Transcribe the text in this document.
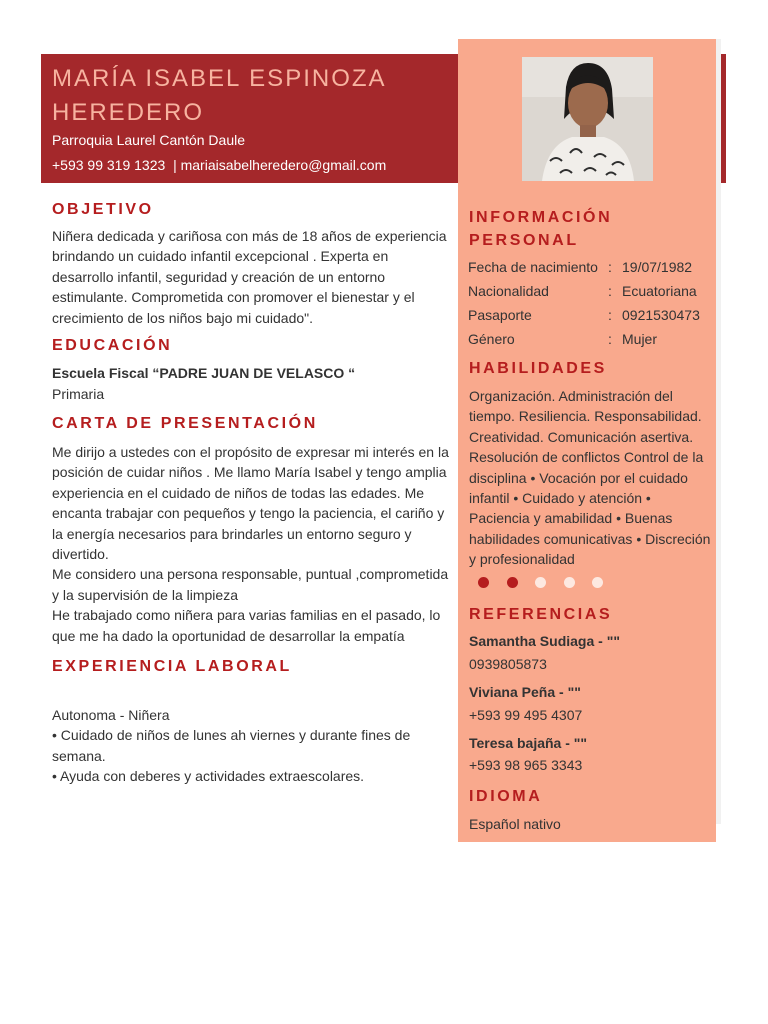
MARÍA ISABEL ESPINOZA HEREDERO
Parroquia Laurel Cantón Daule
+593 99 319 1323 | mariaisabelheredero@gmail.com
OBJETIVO

Niñera dedicada y cariñosa con más de 18 años de experiencia brindando un cuidado infantil excepcional . Experta en desarrollo infantil, seguridad y creación de un entorno estimulante. Comprometida con promover el bienestar y el crecimiento de los niños bajo mi cuidado".

EDUCACIÓN

Escuela Fiscal “PADRE JUAN DE VELASCO “

Primaria

CARTA DE PRESENTACIÓN

Me dirijo a ustedes con el propósito de expresar mi interés en la posición de cuidar niños . Me llamo María Isabel y tengo amplia experiencia en el cuidado de niños de todas las edades. Me encanta trabajar con pequeños y tengo la paciencia, el cariño y la energía necesarios para brindarles un entorno seguro y divertido.

Me considero una persona responsable, puntual ,comprometida y la supervisión de la limpieza

He trabajado como niñera para varias familias en el pasado, lo que me ha dado la oportunidad de desarrollar la empatía

EXPERIENCIA LABORAL

Autonoma - Niñera

• Cuidado de niños de lunes ah viernes y durante fines de semana.

• Ayuda con deberes y actividades extraescolares.

INFORMACIÓN PERSONAL
Fecha de nacimiento : 19/07/1982
Nacionalidad	: Ecuatoriana
Pasaporte	: 0921530473
Género	: Mujer
HABILIDADES

Organización. Administración del tiempo. Resiliencia. Responsabilidad. Creatividad. Comunicación asertiva. Resolución de conflictos Control de la disciplina • Vocación por el cuidado infantil • Cuidado y atención • Paciencia y amabilidad • Buenas habilidades comunicativas • Discreción y profesionalidad

REFERENCIAS

Samantha Sudiaga - ""

0939805873

Viviana Peña - ""

+593 99 495 4307

Teresa bajaña - ""

+593 98 965 3343

IDIOMA

Español nativo
